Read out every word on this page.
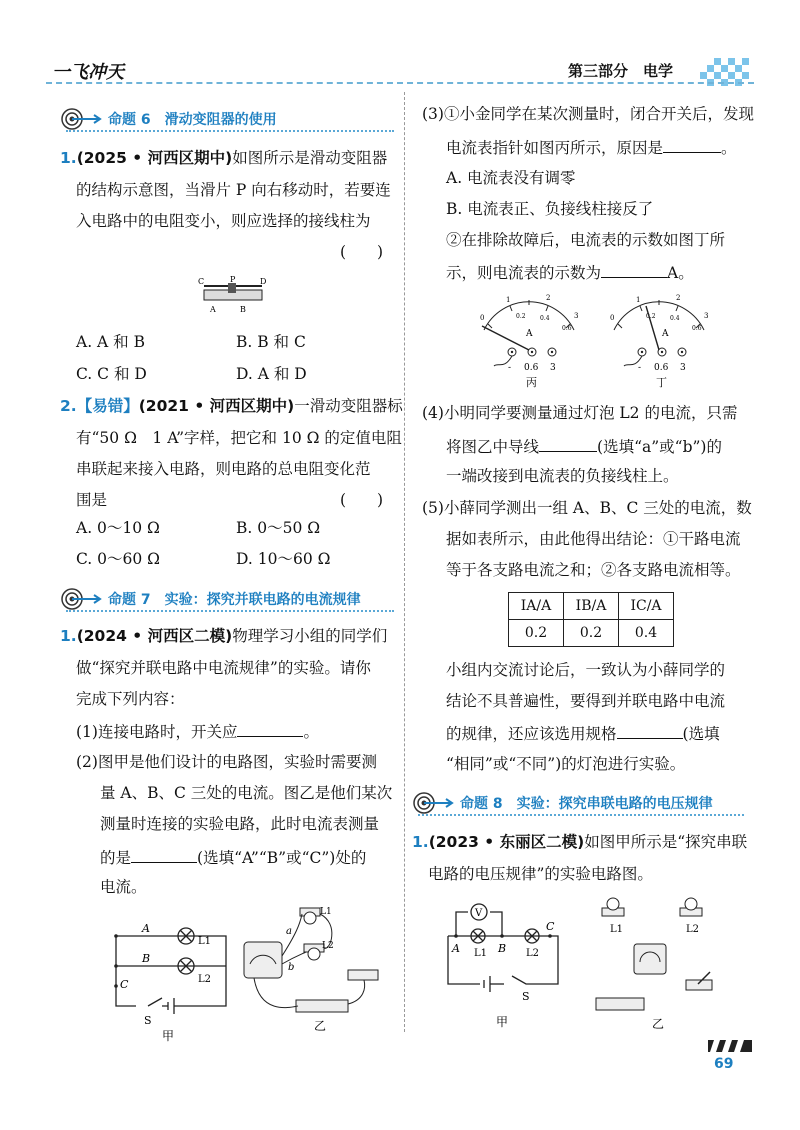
一飞冲天	第三部分　电学
命题 6 滑动变阻器的使用
1.(2025 • 河西区期中)如图所示是滑动变阻器
的结构示意图，当滑片 P 向右移动时，若要连
入电路中的电阻变小，则应选择的接线柱为
(　　)
C	P	D
A	B
A. A 和 B	B. B 和 C
C. C 和 D	D. A 和 D
2.【易错】(2021 • 河西区期中)一滑动变阻器标
有“50 Ω　1 A”字样，把它和 10 Ω 的定值电阻
串联起来接入电路，则电路的总电阻变化范
围是	(　　)
A. 0～10 Ω	B. 0～50 Ω
C. 0～60 Ω	D. 10～60 Ω
命题 7 实验：探究并联电路的电流规律
1.(2024 • 河西区二模)物理学习小组的同学们
做“探究并联电路中电流规律”的实验。请你
完成下列内容：
(1)连接电路时，开关应	。
(2)图甲是他们设计的电路图，实验时需要测
量 A、B、C 三处的电流。图乙是他们某次
测量时连接的实验电路，此时电流表测量
的是	(选填“A”“B”或“C”)处的
电流。
A
B
C
L1
L2
S
甲
a
b
L1
L2
乙
(3)①小金同学在某次测量时，闭合开关后，发现
电流表指针如图丙所示，原因是	。
A. 电流表没有调零
B. 电流表正、负接线柱接反了
②在排除故障后，电流表的示数如图丁所
示，则电流表的示数为	A。
0
1	2
3
0.2 0.4
0.6
A
- 0.6 3
丙
0
1	2
3
0.2 0.4
0.6
A
- 0.6 3
丁
(4)小明同学要测量通过灯泡 L2 的电流，只需
将图乙中导线	(选填“a”或“b”)的
一端改接到电流表的负接线柱上。
(5)小薛同学测出一组 A、B、C 三处的电流，数
据如表所示，由此他得出结论：①干路电流
等于各支路电流之和；②各支路电流相等。
IA/A	IB/A	IC/A
0.2	0.2	0.4
小组内交流讨论后，一致认为小薛同学的
结论不具普遍性，要得到并联电路中电流
的规律，还应该选用规格	(选填
“相同”或“不同”)的灯泡进行实验。
命题 8 实验：探究串联电路的电压规律
1.(2023 • 东丽区二模)如图甲所示是“探究串联
电路的电压规律”的实验电路图。
V
A	B
C
L1	L2
S
甲
L1	L2
乙
69
